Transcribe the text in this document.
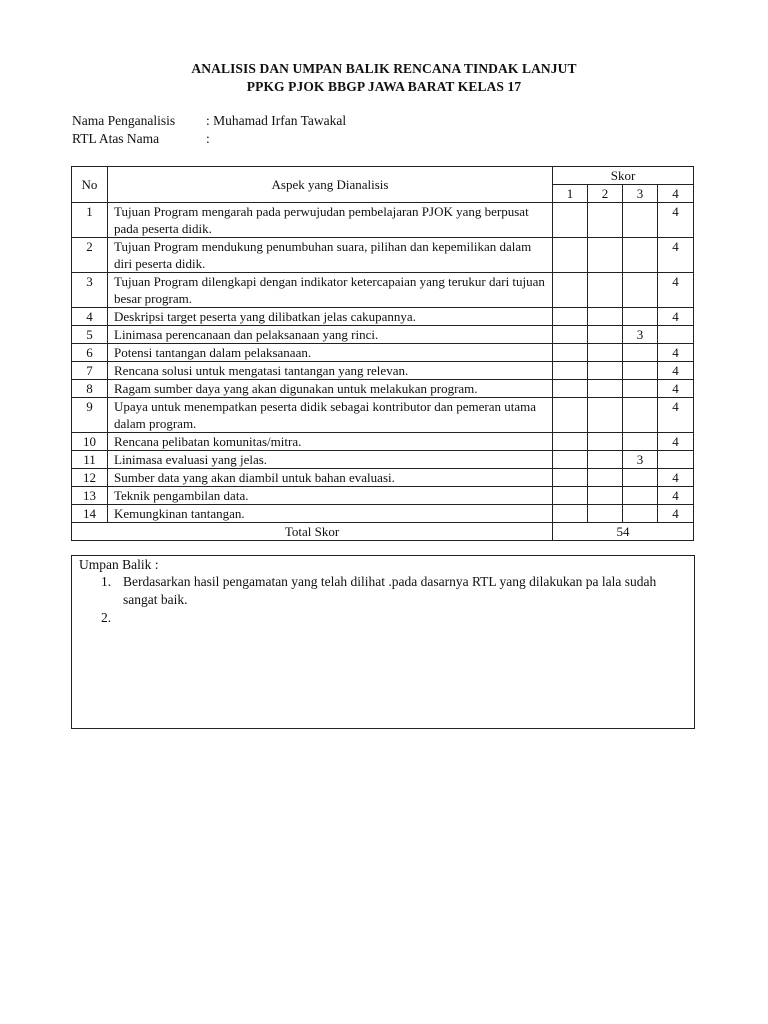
ANALISIS DAN UMPAN BALIK RENCANA TINDAK LANJUT
PPKG PJOK BBGP JAWA BARAT KELAS 17
Nama Penganalisis : Muhamad Irfan Tawakal
RTL Atas Nama	:
No	Aspek yang Dianalisis	Skor			
		1	2	3	4
1	Tujuan Program mengarah pada perwujudan pembelajaran PJOK yang berpusat pada peserta didik.				4
2	Tujuan Program mendukung penumbuhan suara, pilihan dan kepemilikan dalam diri peserta didik.				4
3	Tujuan Program dilengkapi dengan indikator ketercapaian yang terukur dari tujuan besar program.				4
4	Deskripsi target peserta yang dilibatkan jelas cakupannya.				4
5	Linimasa perencanaan dan pelaksanaan yang rinci.			3	
6	Potensi tantangan dalam pelaksanaan.				4
7	Rencana solusi untuk mengatasi tantangan yang relevan.				4
8	Ragam sumber daya yang akan digunakan untuk melakukan program.				4
9	Upaya untuk menempatkan peserta didik sebagai kontributor dan pemeran utama dalam program.				4
10	Rencana pelibatan komunitas/mitra.				4
11	Linimasa evaluasi yang jelas.			3	
12	Sumber data yang akan diambil untuk bahan evaluasi.				4
13	Teknik pengambilan data.				4
14	Kemungkinan tantangan.				4
Total Skor		54			
Umpan Balik :
1. Berdasarkan hasil pengamatan yang telah dilihat .pada dasarnya RTL yang dilakukan pa lala sudah sangat baik.
2.
